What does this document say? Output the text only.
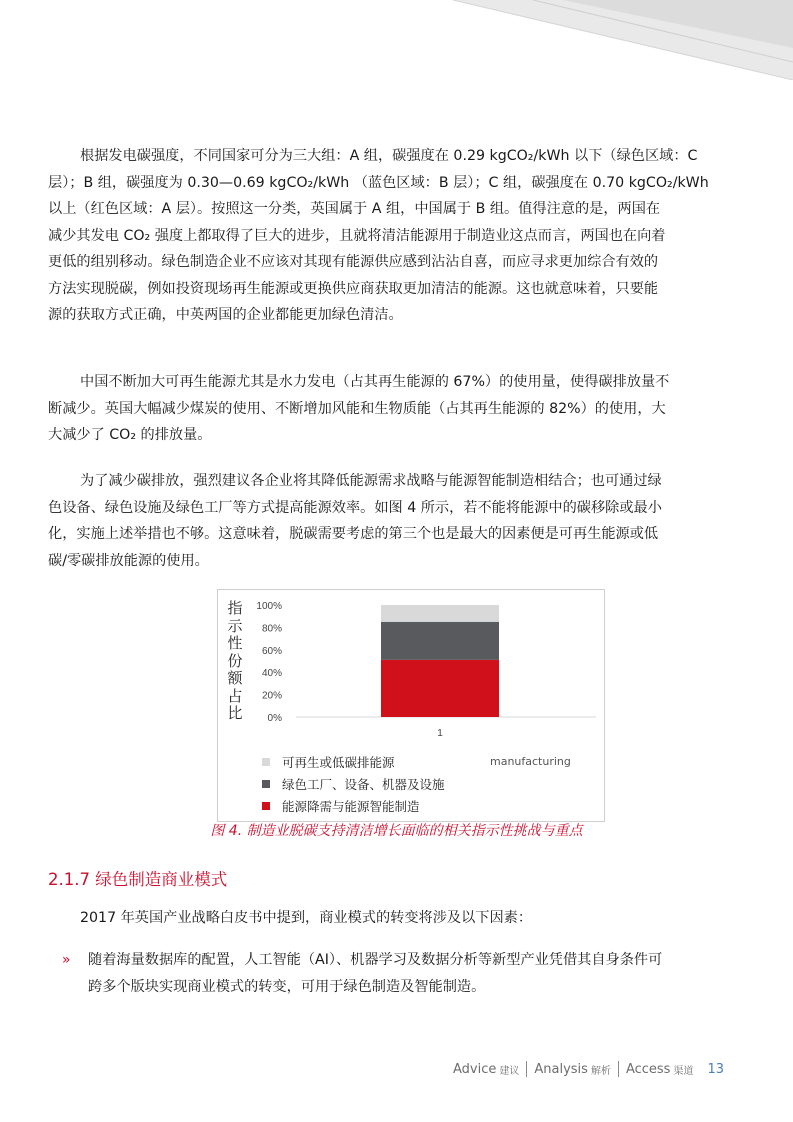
根据发电碳强度，不同国家可分为三大组：A 组，碳强度在 0.29 kgCO₂/kWh 以下（绿色区域：C
层）；B 组，碳强度为 0.30—0.69 kgCO₂/kWh （蓝色区域：B 层）；C 组，碳强度在 0.70 kgCO₂/kWh
以上（红色区域：A 层）。按照这一分类，英国属于 A 组，中国属于 B 组。值得注意的是，两国在
减少其发电 CO₂ 强度上都取得了巨大的进步，且就将清洁能源用于制造业这点而言，两国也在向着
更低的组别移动。绿色制造企业不应该对其现有能源供应感到沾沾自喜，而应寻求更加综合有效的
方法实现脱碳，例如投资现场再生能源或更换供应商获取更加清洁的能源。这也就意味着，只要能
源的获取方式正确，中英两国的企业都能更加绿色清洁。
中国不断加大可再生能源尤其是水力发电（占其再生能源的 67%）的使用量，使得碳排放量不
断减少。英国大幅减少煤炭的使用、不断增加风能和生物质能（占其再生能源的 82%）的使用，大
大减少了 CO₂ 的排放量。
为了减少碳排放，强烈建议各企业将其降低能源需求战略与能源智能制造相结合；也可通过绿
色设备、绿色设施及绿色工厂等方式提高能源效率。如图 4 所示，若不能将能源中的碳移除或最小
化，实施上述举措也不够。这意味着，脱碳需要考虑的第三个也是最大的因素便是可再生能源或低
碳/零碳排放能源的使用。
指示性份额占比
100%
80%
60%
40%
20%
0%
1
可再生或低碳排能源
绿色工厂、设备、机器及设施
能源降需与能源智能制造
manufacturing
图 4. 制造业脱碳支持清洁增长面临的相关指示性挑战与重点
2.1.7 绿色制造商业模式
2017 年英国产业战略白皮书中提到，商业模式的转变将涉及以下因素：
» 随着海量数据库的配置，人工智能（AI）、机器学习及数据分析等新型产业凭借其自身条件可
跨多个版块实现商业模式的转变，可用于绿色制造及智能制造。
Advice 建议 Analysis 解析 Access 渠道 13
